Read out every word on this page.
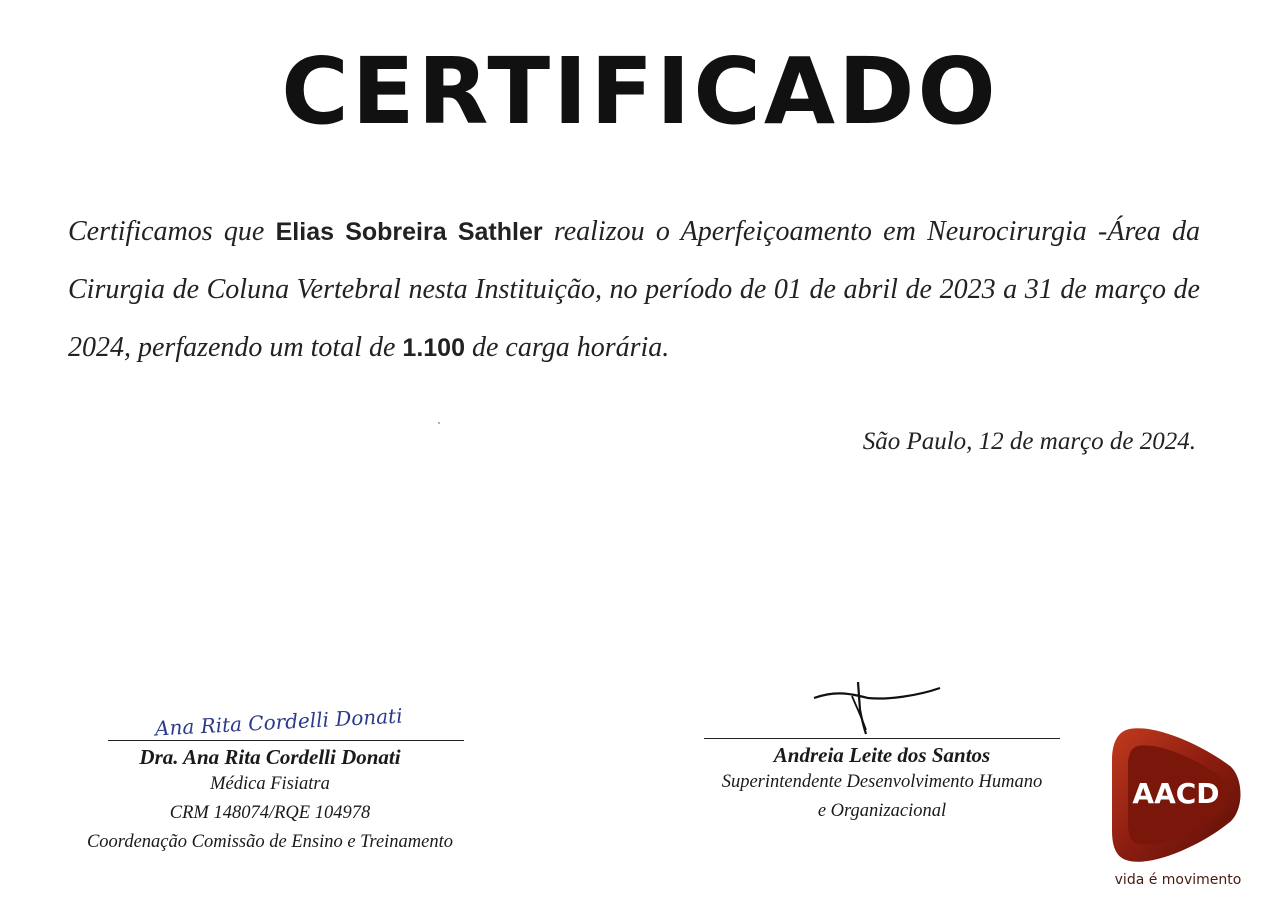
CERTIFICADO
Certificamos que Elias Sobreira Sathler realizou o Aperfeiçoamento em Neurocirurgia -Área da Cirurgia de Coluna Vertebral nesta Instituição, no período de 01 de abril de 2023 a 31 de março de 2024, perfazendo um total de 1.100 de carga horária.
São Paulo, 12 de março de 2024.
Ana Rita Cordelli Donati
Dra. Ana Rita Cordelli Donati
Médica Fisiatra
CRM 148074/RQE 104978
Coordenação Comissão de Ensino e Treinamento
Andreia Leite dos Santos
Superintendente Desenvolvimento Humano
e Organizacional
AACD
vida é movimento
